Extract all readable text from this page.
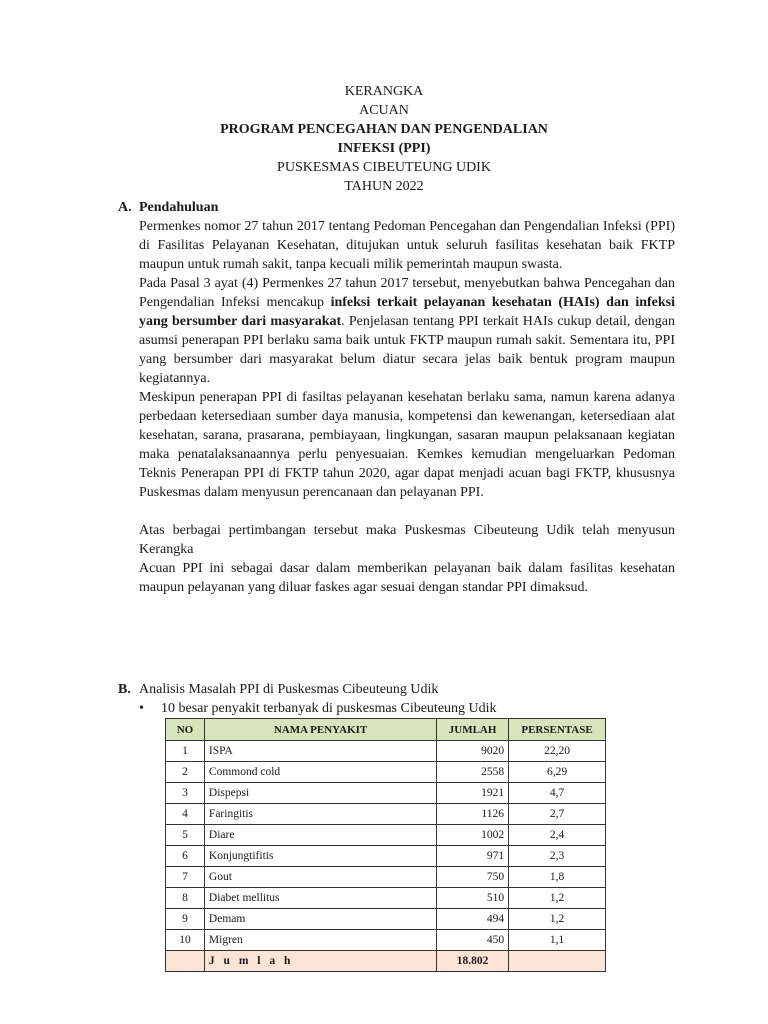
KERANGKA
ACUAN
PROGRAM PENCEGAHAN DAN PENGENDALIAN
INFEKSI (PPI)
PUSKESMAS CIBEUTEUNG UDIK
TAHUN 2022
A. Pendahuluan

Permenkes nomor 27 tahun 2017 tentang Pedoman Pencegahan dan Pengendalian Infeksi (PPI) di Fasilitas Pelayanan Kesehatan, ditujukan untuk seluruh fasilitas kesehatan baik FKTP maupun untuk rumah sakit, tanpa kecuali milik pemerintah maupun swasta.

Pada Pasal 3 ayat (4) Permenkes 27 tahun 2017 tersebut, menyebutkan bahwa Pencegahan dan Pengendalian Infeksi mencakup infeksi terkait pelayanan kesehatan (HAIs) dan infeksi yang bersumber dari masyarakat. Penjelasan tentang PPI terkait HAIs cukup detail, dengan asumsi penerapan PPI berlaku sama baik untuk FKTP maupun rumah sakit. Sementara itu, PPI yang bersumber dari masyarakat belum diatur secara jelas baik bentuk program maupun kegiatannya.

Meskipun penerapan PPI di fasiltas pelayanan kesehatan berlaku sama, namun karena adanya perbedaan ketersediaan sumber daya manusia, kompetensi dan kewenangan, ketersediaan alat kesehatan, sarana, prasarana, pembiayaan, lingkungan, sasaran maupun pelaksanaan kegiatan maka penatalaksanaannya perlu penyesuaian. Kemkes kemudian mengeluarkan Pedoman Teknis Penerapan PPI di FKTP tahun 2020, agar dapat menjadi acuan bagi FKTP, khususnya Puskesmas dalam menyusun perencanaan dan pelayanan PPI.

Atas berbagai pertimbangan tersebut maka Puskesmas Cibeuteung Udik telah menyusun Kerangka

Acuan PPI ini sebagai dasar dalam memberikan pelayanan baik dalam fasilitas kesehatan maupun pelayanan yang diluar faskes agar sesuai dengan standar PPI dimaksud.

B. Analisis Masalah PPI di Puskesmas Cibeuteung Udik
• 10 besar penyakit terbanyak di puskesmas Cibeuteung Udik
NO	NAMA PENYAKIT	JUMLAH	PERSENTASE
1	ISPA	9020	22,20
2	Commond cold	2558	6,29
3	Dispepsi	1921	4,7
4	Faringitis	1126	2,7
5	Diare	1002	2,4
6	Konjungtifitis	971	2,3
7	Gout	750	1,8
8	Diabet mellitus	510	1,2
9	Demam	494	1,2
10	Migren	450	1,1
	J u m l a h	18.802	
